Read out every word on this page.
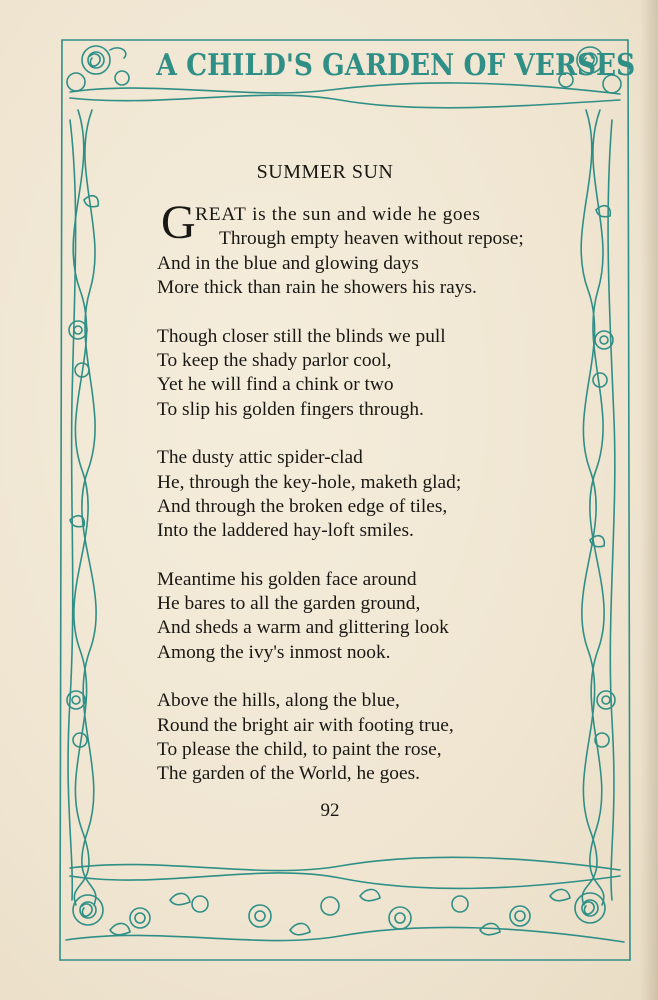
A CHILD'S GARDEN OF VERSES
SUMMER SUN
G REAT is the sun and wide he goes
Through empty heaven without repose;
And in the blue and glowing days
More thick than rain he showers his rays.
Though closer still the blinds we pull
To keep the shady parlor cool,
Yet he will find a chink or two
To slip his golden fingers through.
The dusty attic spider-clad
He, through the key-hole, maketh glad;
And through the broken edge of tiles,
Into the laddered hay-loft smiles.
Meantime his golden face around
He bares to all the garden ground,
And sheds a warm and glittering look
Among the ivy's inmost nook.
Above the hills, along the blue,
Round the bright air with footing true,
To please the child, to paint the rose,
The garden of the World, he goes.
92
